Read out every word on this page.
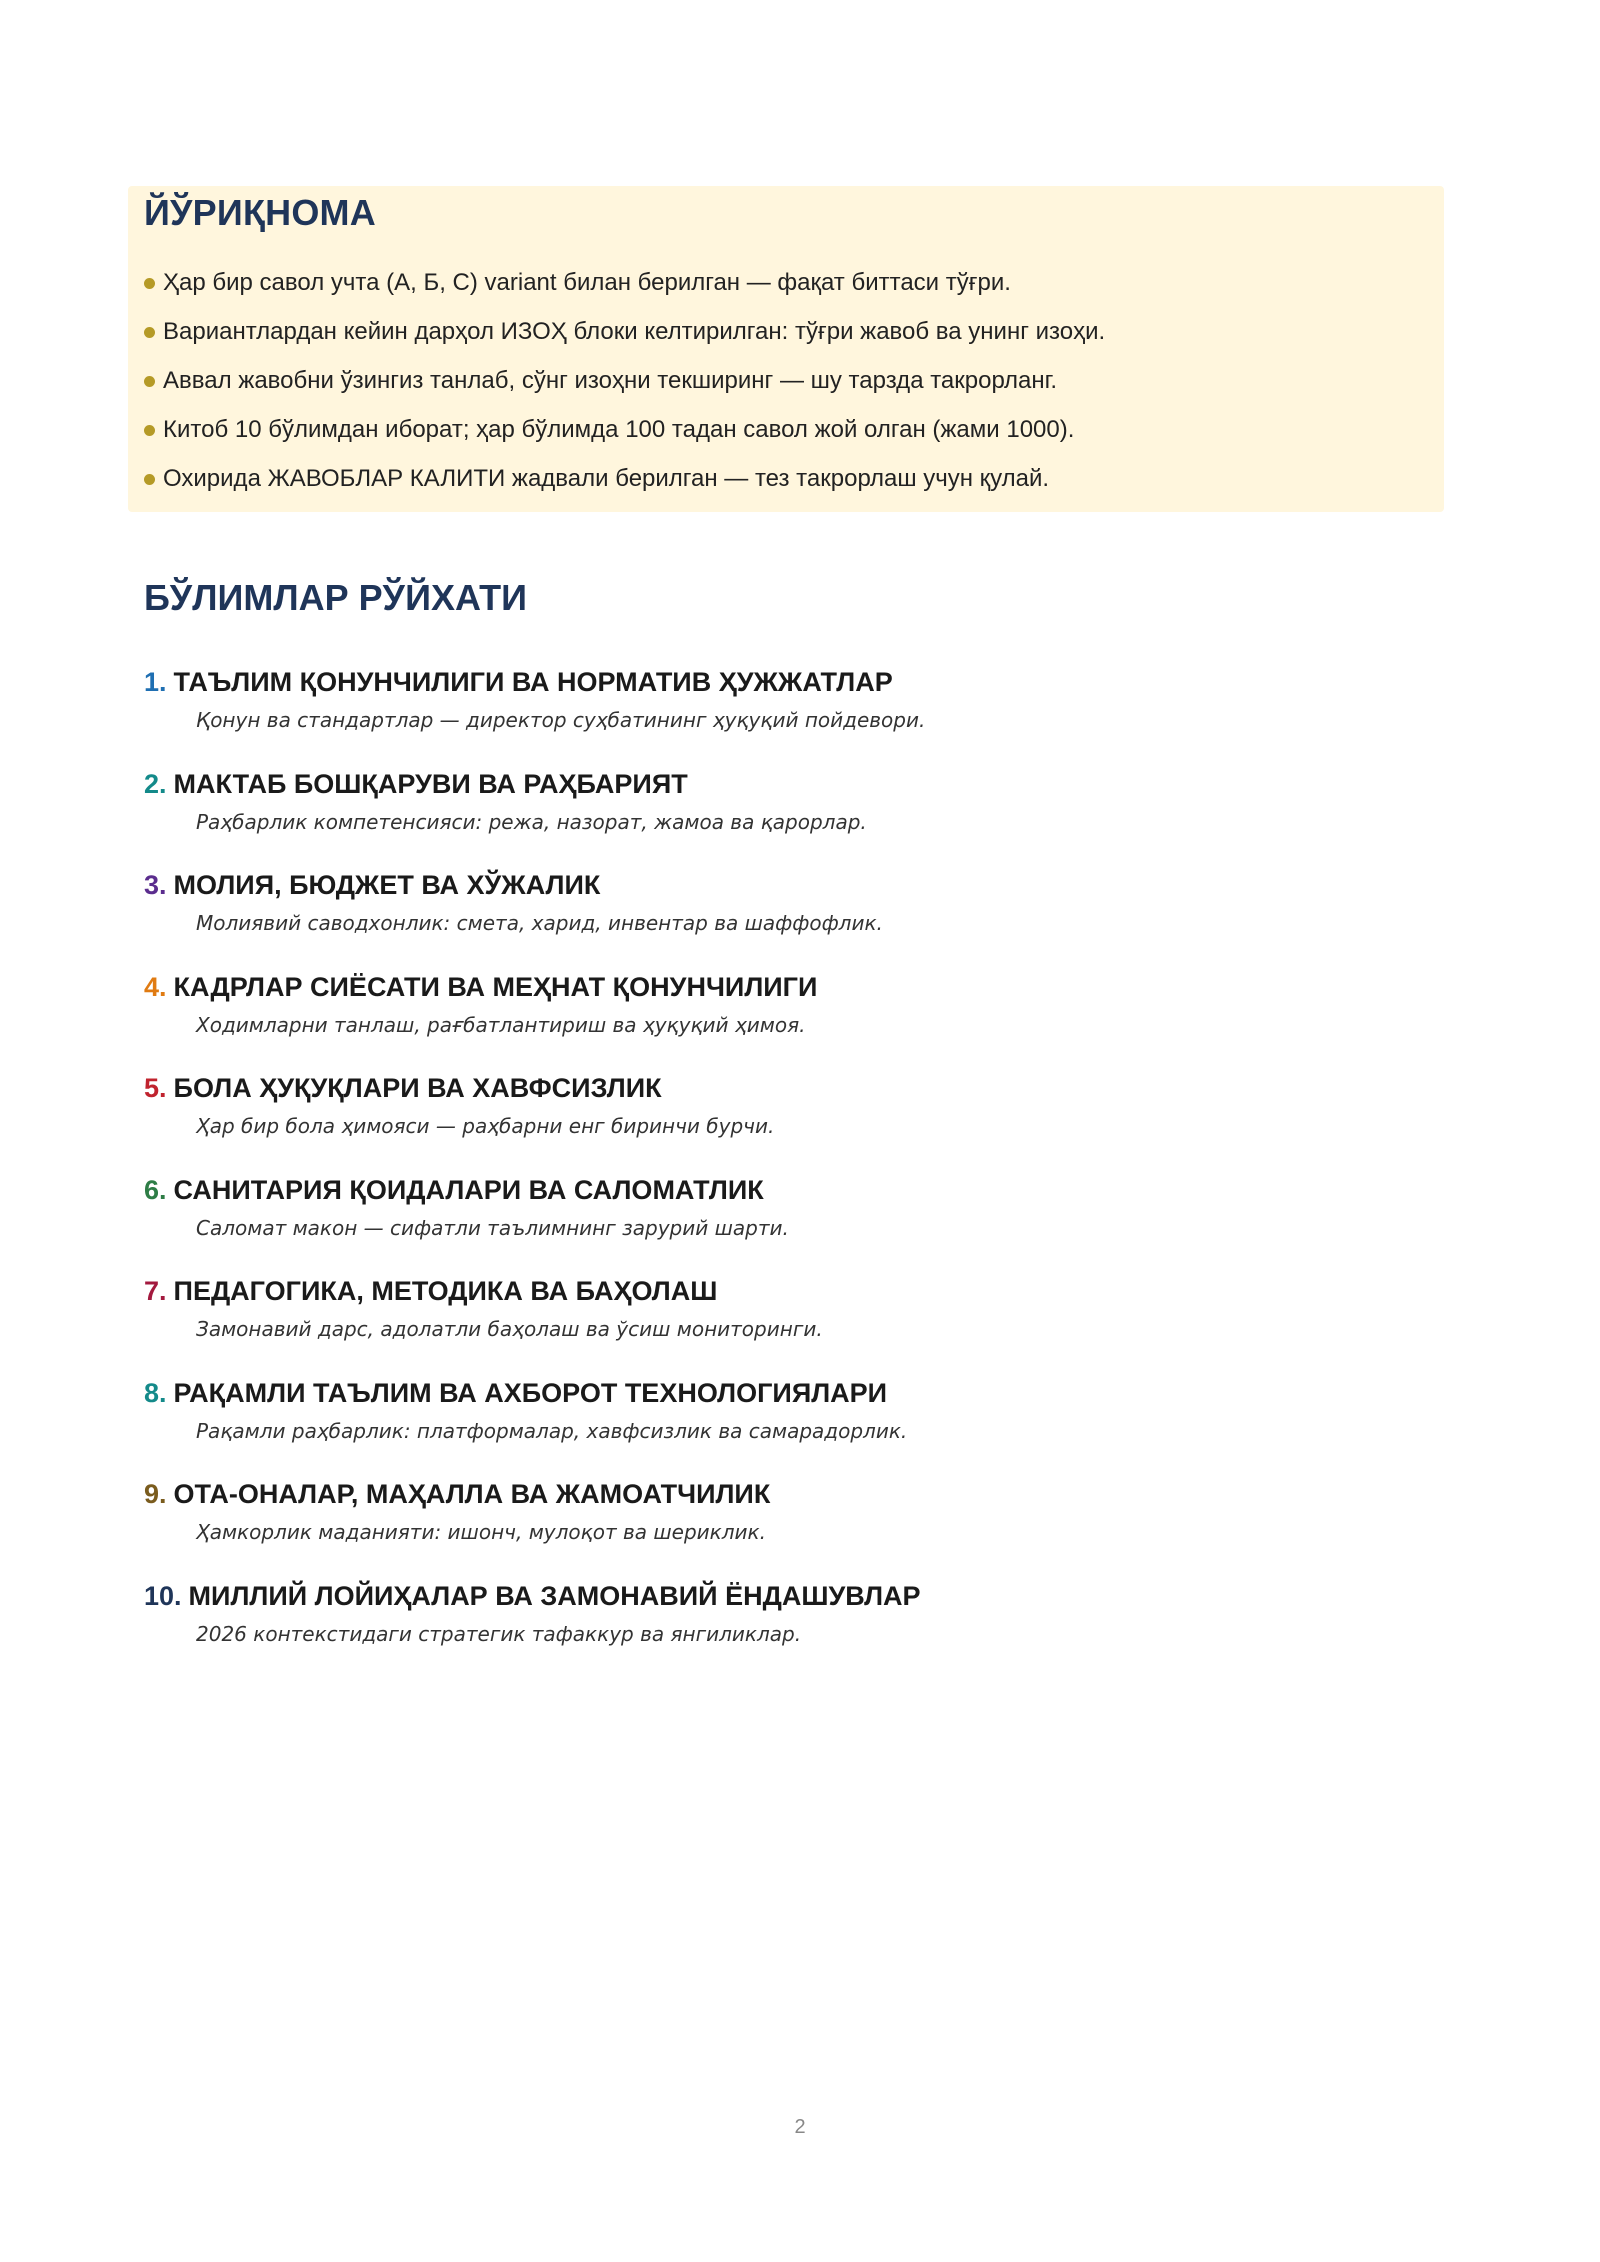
ЙЎРИҚНОМА
Ҳар бир савол учта (А, Б, С) variant билан берилган — фақат биттаси тўғри.
Вариантлардан кейин дарҳол ИЗОҲ блоки келтирилган: тўғри жавоб ва унинг изоҳи.
Аввал жавобни ўзингиз танлаб, сўнг изоҳни текширинг — шу тарзда такрорланг.
Китоб 10 бўлимдан иборат; ҳар бўлимда 100 тадан савол жой олган (жами 1000).
Охирида ЖАВОБЛАР КАЛИТИ жадвали берилган — тез такрорлаш учун қулай.
БЎЛИМЛАР РЎЙХАТИ
1. ТАЪЛИМ ҚОНУНЧИЛИГИ ВА НОРМАТИВ ҲУЖЖАТЛАР
Қонун ва стандартлар — директор суҳбатининг ҳуқуқий пойдевори.
2. МАКТАБ БОШҚАРУВИ ВА РАҲБАРИЯТ
Раҳбарлик компетенсияси: режа, назорат, жамоа ва қарорлар.
3. МОЛИЯ, БЮДЖЕТ ВА ХЎЖАЛИК
Молиявий саводхонлик: смета, харид, инвентар ва шаффофлик.
4. КАДРЛАР СИЁСАТИ ВА МЕҲНАТ ҚОНУНЧИЛИГИ
Ходимларни танлаш, рағбатлантириш ва ҳуқуқий ҳимоя.
5. БОЛА ҲУҚУҚЛАРИ ВА ХАВФСИЗЛИК
Ҳар бир бола ҳимояси — раҳбарни енг биринчи бурчи.
6. САНИТАРИЯ ҚОИДАЛАРИ ВА САЛОМАТЛИК
Саломат макон — сифатли таълимнинг зарурий шарти.
7. ПЕДАГОГИКА, МЕТОДИКА ВА БАҲОЛАШ
Замонавий дарс, адолатли баҳолаш ва ўсиш мониторинги.
8. РАҚАМЛИ ТАЪЛИМ ВА АХБОРОТ ТЕХНОЛОГИЯЛАРИ
Рақамли раҳбарлик: платформалар, хавфсизлик ва самарадорлик.
9. ОТА-ОНАЛАР, МАҲАЛЛА ВА ЖАМОАТЧИЛИК
Ҳамкорлик маданияти: ишонч, мулоқот ва шериклик.
10. МИЛЛИЙ ЛОЙИҲАЛАР ВА ЗАМОНАВИЙ ЁНДАШУВЛАР
2026 контекстидаги стратегик тафаккур ва янгиликлар.
2
